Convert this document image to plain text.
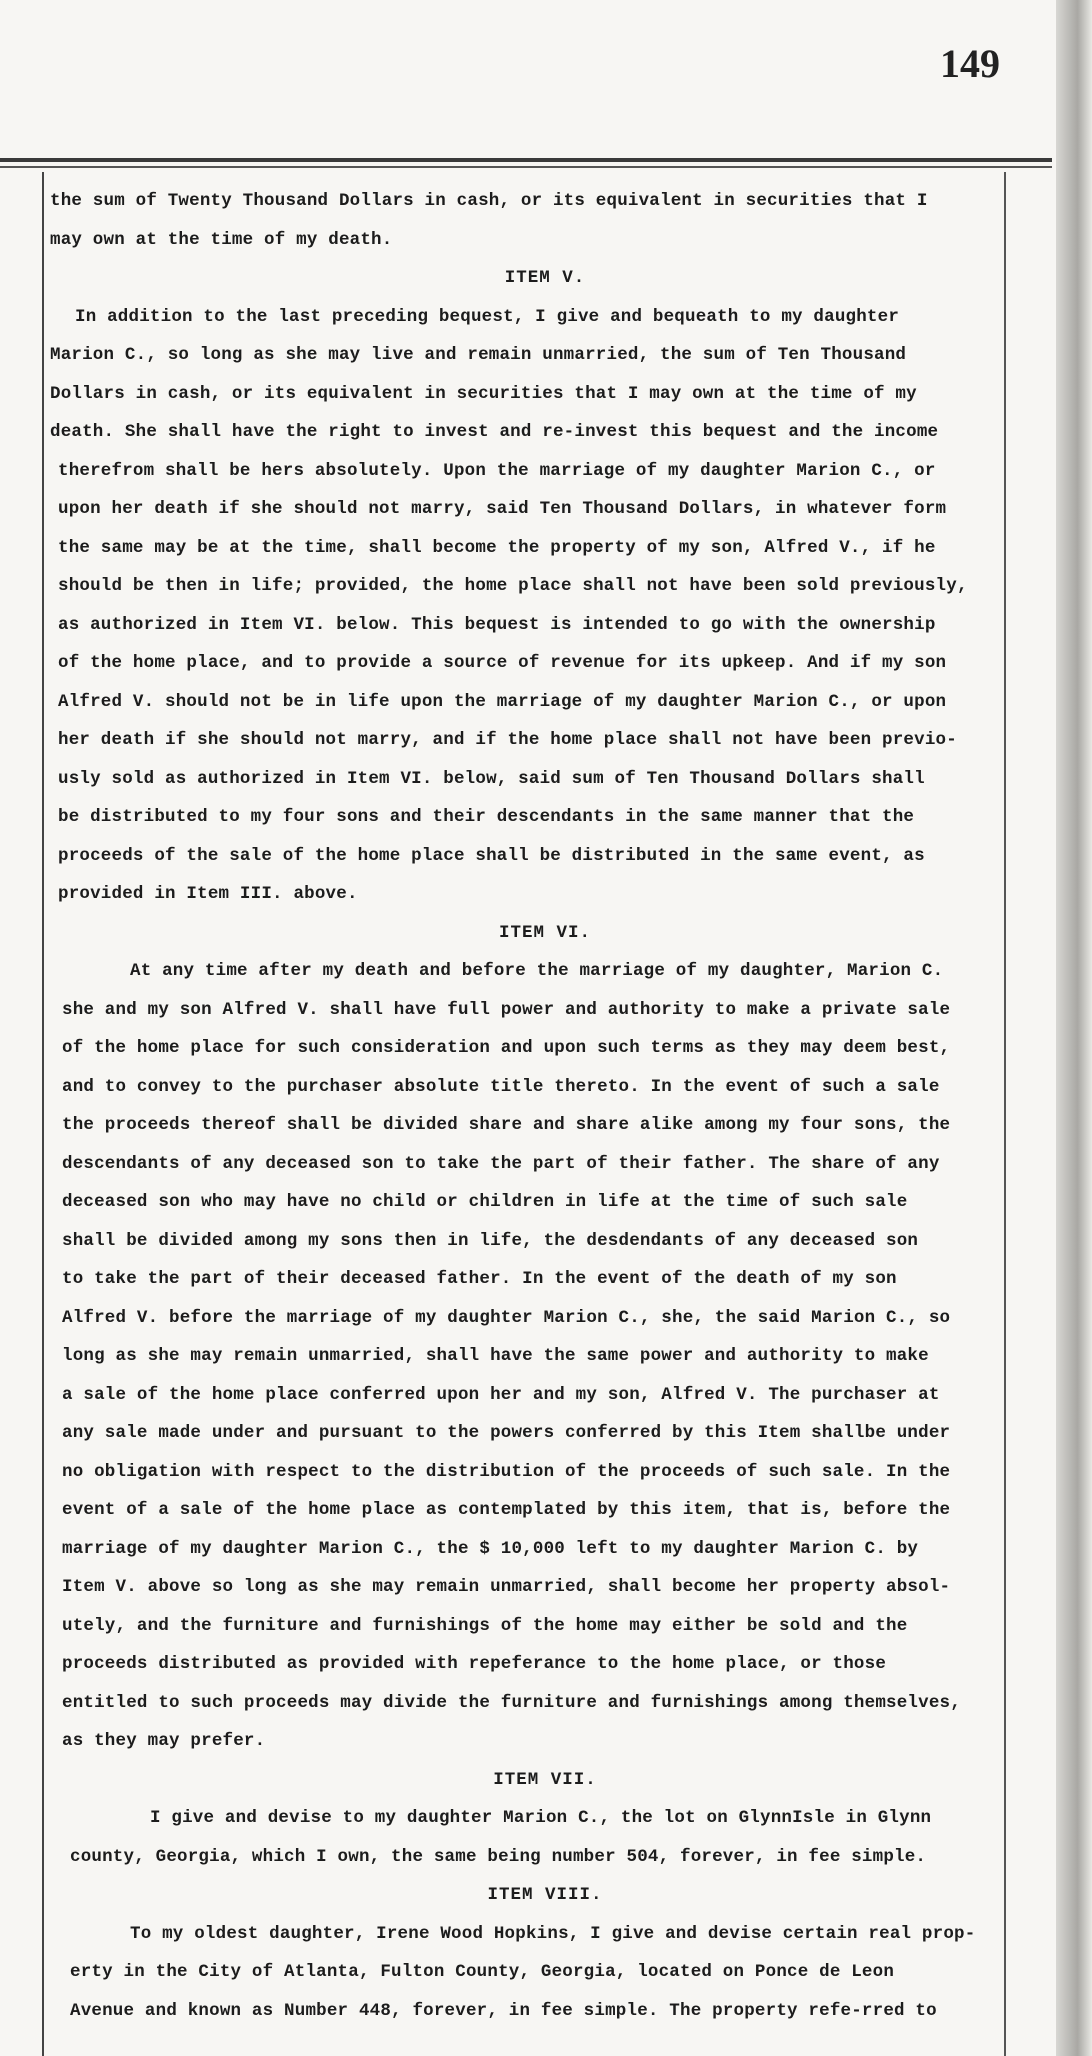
149
the sum of Twenty Thousand Dollars in cash, or its equivalent in securities that I
may own at the time of my death.
ITEM V.
In addition to the last preceding bequest, I give and bequeath to my daughter
Marion C., so long as she may live and remain unmarried, the sum of Ten Thousand
Dollars in cash, or its equivalent in securities that I may own at the time of my
death. She shall have the right to invest and re-invest this bequest and the income
therefrom shall be hers absolutely. Upon the marriage of my daughter Marion C., or
upon her death if she should not marry, said Ten Thousand Dollars, in whatever form
the same may be at the time, shall become the property of my son, Alfred V., if he
should be then in life; provided, the home place shall not have been sold previously,
as authorized in Item VI. below. This bequest is intended to go with the ownership
of the home place, and to provide a source of revenue for its upkeep. And if my son
Alfred V. should not be in life upon the marriage of my daughter Marion C., or upon
her death if she should not marry, and if the home place shall not have been previo-
usly sold as authorized in Item VI. below, said sum of Ten Thousand Dollars shall
be distributed to my four sons and their descendants in the same manner that the
proceeds of the sale of the home place shall be distributed in the same event, as
provided in Item III. above.
ITEM VI.
At any time after my death and before the marriage of my daughter, Marion C.
she and my son Alfred V. shall have full power and authority to make a private sale
of the home place for such consideration and upon such terms as they may deem best,
and to convey to the purchaser absolute title thereto. In the event of such a sale
the proceeds thereof shall be divided share and share alike among my four sons, the
descendants of any deceased son to take the part of their father. The share of any
deceased son who may have no child or children in life at the time of such sale
shall be divided among my sons then in life, the desdendants of any deceased son
to take the part of their deceased father. In the event of the death of my son
Alfred V. before the marriage of my daughter Marion C., she, the said Marion C., so
long as she may remain unmarried, shall have the same power and authority to make
a sale of the home place conferred upon her and my son, Alfred V. The purchaser at
any sale made under and pursuant to the powers conferred by this Item shallbe under
no obligation with respect to the distribution of the proceeds of such sale. In the
event of a sale of the home place as contemplated by this item, that is, before the
marriage of my daughter Marion C., the $ 10,000 left to my daughter Marion C. by
Item V. above so long as she may remain unmarried, shall become her property absol-
utely, and the furniture and furnishings of the home may either be sold and the
proceeds distributed as provided with repeferance to the home place, or those
entitled to such proceeds may divide the furniture and furnishings among themselves,
as they may prefer.
ITEM VII.
I give and devise to my daughter Marion C., the lot on GlynnIsle in Glynn
county, Georgia, which I own, the same being number 504, forever, in fee simple.
ITEM VIII.
To my oldest daughter, Irene Wood Hopkins, I give and devise certain real prop-
erty in the City of Atlanta, Fulton County, Georgia, located on Ponce de Leon
Avenue and known as Number 448, forever, in fee simple. The property refe-rred to
